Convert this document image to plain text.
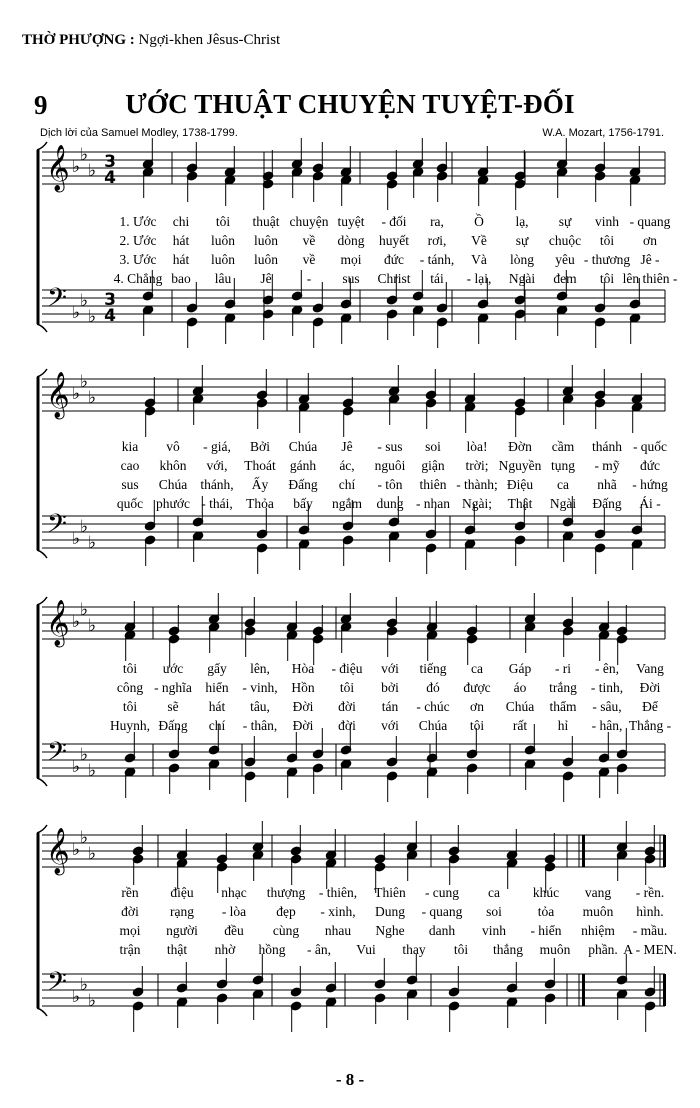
THỜ PHƯỢNG : Ngợi-khen Jêsus-Christ
9	ƯỚC THUẬT CHUYỆN TUYỆT-ĐỐI
Dịch lời của Samuel Modley, 1738-1799.	W.A. Mozart, 1756-1791.
𝄞
𝄢
♭
♭
♭
♭
♭
♭
3
4
3
4
𝄞
𝄢
♭
♭
♭
♭
♭
♭
𝄞
𝄢
♭
♭
♭
♭
♭
♭
𝄞
𝄢
♭
♭
♭
♭
♭
♭
1. Ước chi tôi thuật chuyện tuyệt - đối ra, Ồ lạ, sự vinh - quang
2. Ước hát luôn luôn về dòng huyết rơi, Về sự chuộc tôi ơn
3. Ước hát luôn luôn về mọi đức - tánh, Và lòng yêu - thương Jê -
4. Chẳng bao lâu Jê	- sus Christ tái - lại, Ngài đem tôi lên thiên -
kia vô - giá, Bởi Chúa Jê - sus soi lòa! Đờn cầm thánh - quốc
cao khôn với, Thoát gánh ác, nguôi giận trời; Nguyền tụng - mỹ đức
sus Chúa thánh, Ấy Đấng chí - tôn thiên - thành; Điệu ca nhã - hứng
quốc phước - thái, Thỏa bấy ngắm dung - nhan Ngài; Thật Ngài Đấng Ái -
tôi ước gẩy lên, Hòa - điệu với tiếng ca Gáp - ri - ên, Vang
công - nghĩa hiển - vinh, Hồn tôi bởi đó được áo trắng - tinh, Đời
tôi sẽ hát tâu, Đời đời tán - chúc ơn Chúa thẩm - sâu, Để
Huynh, Đấng chí - thân, Đời đời với Chúa tôi rất hỉ - hân, Thắng -
rền điệu nhạc thượng - thiên, Thiên - cung ca khúc vang - rền.
đời rạng - lòa đẹp - xinh, Dung - quang soi	tỏa muôn hình.
mọi người đều cùng nhau Nghe danh vinh - hiển nhiệm - mầu.
trận thật nhờ hồng - ân, Vui thay tôi thắng muôn phần. A - MEN.
- 8 -
